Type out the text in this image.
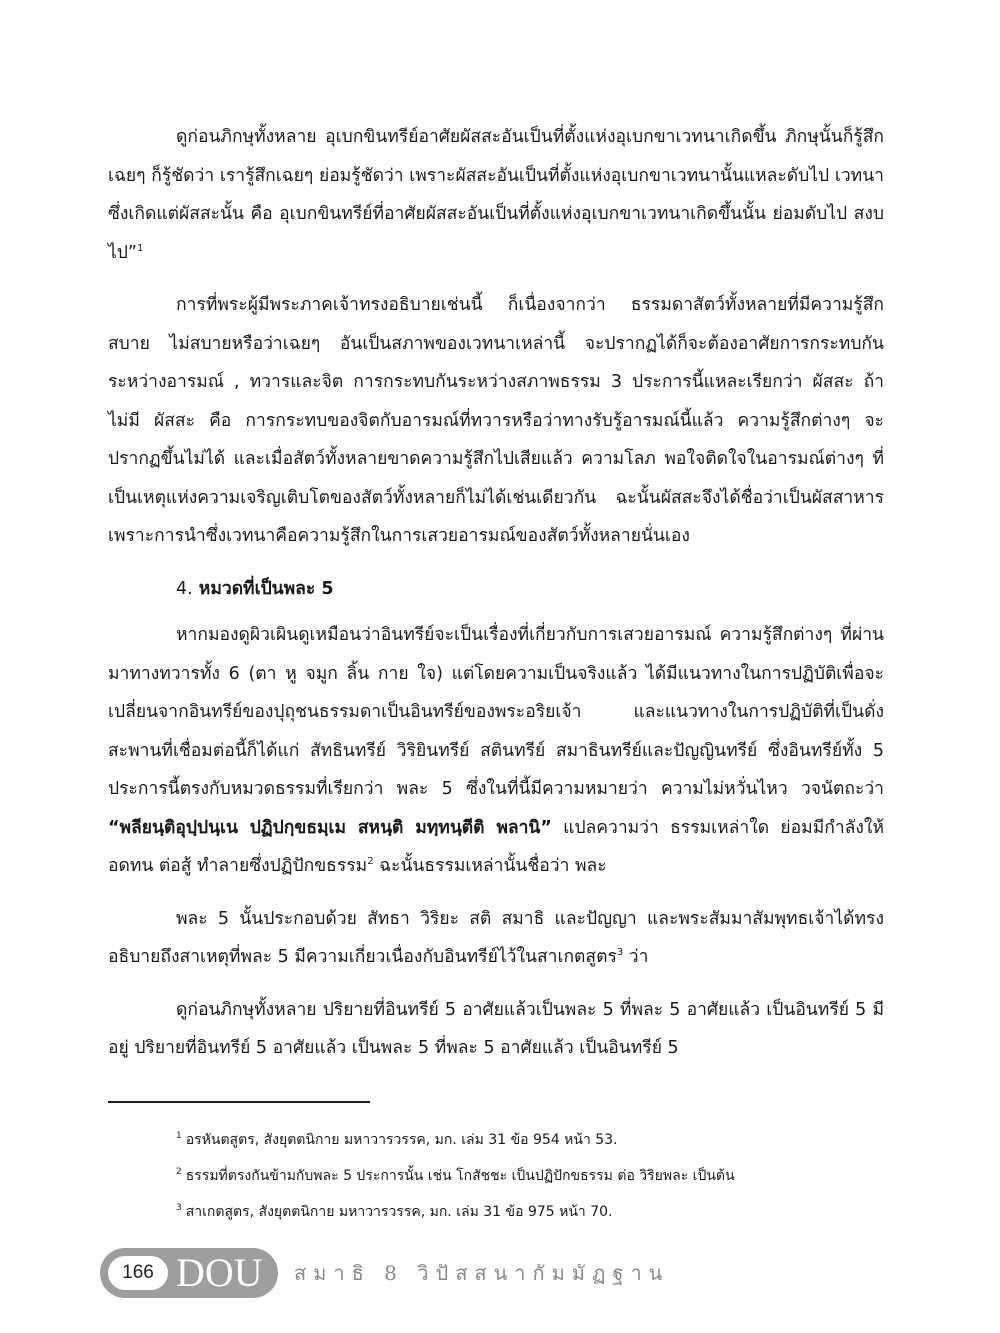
ดูก่อนภิกษุทั้งหลาย อุเบกขินทรีย์อาศัยผัสสะอันเป็นที่ตั้งแห่งอุเบกขาเวทนาเกิดขึ้น ภิกษุนั้นก็รู้สึกเฉยๆ ก็รู้ชัดว่า เรารู้สึกเฉยๆ ย่อมรู้ชัดว่า เพราะผัสสะอันเป็นที่ตั้งแห่งอุเบกขาเวทนานั้นแหละดับไป เวทนาซึ่งเกิดแต่ผัสสะนั้น คือ อุเบกขินทรีย์ที่อาศัยผัสสะอันเป็นที่ตั้งแห่งอุเบกขาเวทนาเกิดขึ้นนั้น ย่อมดับไป สงบไป”$^1$

การที่พระผู้มีพระภาคเจ้าทรงอธิบายเช่นนี้ ก็เนื่องจากว่า ธรรมดาสัตว์ทั้งหลายที่มีความรู้สึกสบาย ไม่สบายหรือว่าเฉยๆ อันเป็นสภาพของเวทนาเหล่านี้ จะปรากฏได้ก็จะต้องอาศัยการกระทบกันระหว่างอารมณ์ , ทวารและจิต การกระทบกันระหว่างสภาพธรรม 3 ประการนี้แหละเรียกว่า ผัสสะ ถ้าไม่มี ผัสสะ คือ การกระทบของจิตกับอารมณ์ที่ทวารหรือว่าทางรับรู้อารมณ์นี้แล้ว ความรู้สึกต่างๆ จะปรากฏขึ้นไม่ได้ และเมื่อสัตว์ทั้งหลายขาดความรู้สึกไปเสียแล้ว ความโลภ พอใจติดใจในอารมณ์ต่างๆ ที่เป็นเหตุแห่งความเจริญเติบโตของสัตว์ทั้งหลายก็ไม่ได้เช่นเดียวกัน ฉะนั้นผัสสะจึงได้ชื่อว่าเป็นผัสสาหาร เพราะการนำซึ่งเวทนาคือความรู้สึกในการเสวยอารมณ์ของสัตว์ทั้งหลายนั่นเอง

4. หมวดที่เป็นพละ 5

หากมองดูผิวเผินดูเหมือนว่าอินทรีย์จะเป็นเรื่องที่เกี่ยวกับการเสวยอารมณ์ ความรู้สึกต่างๆ ที่ผ่านมาทางทวารทั้ง 6 (ตา หู จมูก ลิ้น กาย ใจ) แต่โดยความเป็นจริงแล้ว ได้มีแนวทางในการปฏิบัติเพื่อจะเปลี่ยนจากอินทรีย์ของปุถุชนธรรมดาเป็นอินทรีย์ของพระอริยเจ้า และแนวทางในการปฏิบัติที่เป็นดั่งสะพานที่เชื่อมต่อนี้ก็ได้แก่ สัทธินทรีย์ วิริยินทรีย์ สตินทรีย์ สมาธินทรีย์และปัญญินทรีย์ ซึ่งอินทรีย์ทั้ง 5 ประการนี้ตรงกับหมวดธรรมที่เรียกว่า พละ 5 ซึ่งในที่นี้มีความหมายว่า ความไม่หวั่นไหว วจนัตถะว่า “พลียนฺติอุปฺปนฺเน ปฏิปกฺขธมฺเม สหนฺติ มทฺทนฺตีติ พลานิ” แปลความว่า ธรรมเหล่าใด ย่อมมีกำลังให้อดทน ต่อสู้ ทำลายซึ่งปฏิปักขธรรม$^2$ ฉะนั้นธรรมเหล่านั้นชื่อว่า พละ

พละ 5 นั้นประกอบด้วย สัทธา วิริยะ สติ สมาธิ และปัญญา และพระสัมมาสัมพุทธเจ้าได้ทรงอธิบายถึงสาเหตุที่พละ 5 มีความเกี่ยวเนื่องกับอินทรีย์ไว้ในสาเกตสูตร$^3$ ว่า

ดูก่อนภิกษุทั้งหลาย ปริยายที่อินทรีย์ 5 อาศัยแล้วเป็นพละ 5 ที่พละ 5 อาศัยแล้ว เป็นอินทรีย์ 5 มีอยู่ ปริยายที่อินทรีย์ 5 อาศัยแล้ว เป็นพละ 5 ที่พละ 5 อาศัยแล้ว เป็นอินทรีย์ 5

$^1$ อรหันตสูตร, สังยุตตนิกาย มหาวารวรรค, มก. เล่ม 31 ข้อ 954 หน้า 53.

$^2$ ธรรมที่ตรงกันข้ามกับพละ 5 ประการนั้น เช่น โกสัชชะ เป็นปฏิปักขธรรม ต่อ วิริยพละ เป็นต้น

$^3$ สาเกตสูตร, สังยุตตนิกาย มหาวารวรรค, มก. เล่ม 31 ข้อ 975 หน้า 70.

166 DOU สมาธิ 8 วิปัสสนากัมมัฏฐาน
